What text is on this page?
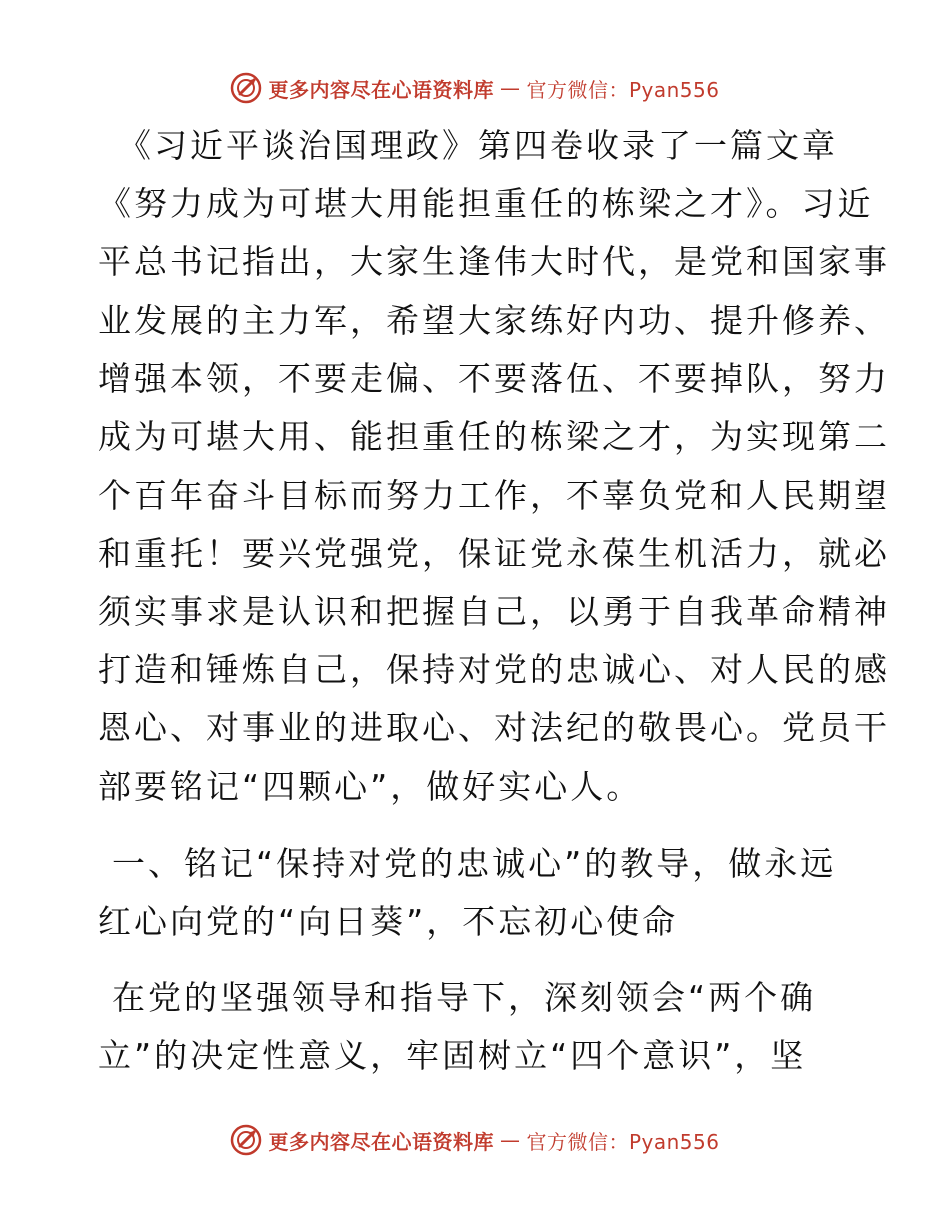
更多内容尽在心语资料库 — 官方微信：Pyan556
《习近平谈治国理政》第四卷收录了一篇文章
《努力成为可堪大用能担重任的栋梁之才》。习近
平总书记指出，大家生逢伟大时代，是党和国家事
业发展的主力军，希望大家练好内功、提升修养、
增强本领，不要走偏、不要落伍、不要掉队，努力
成为可堪大用、能担重任的栋梁之才，为实现第二
个百年奋斗目标而努力工作，不辜负党和人民期望
和重托！要兴党强党，保证党永葆生机活力，就必
须实事求是认识和把握自己，以勇于自我革命精神
打造和锤炼自己，保持对党的忠诚心、对人民的感
恩心、对事业的进取心、对法纪的敬畏心。党员干
部要铭记“四颗心”，做好实心人。
一、铭记“保持对党的忠诚心”的教导，做永远
红心向党的“向日葵”，不忘初心使命
在党的坚强领导和指导下，深刻领会“两个确
立”的决定性意义，牢固树立“四个意识”，坚
更多内容尽在心语资料库 — 官方微信：Pyan556
